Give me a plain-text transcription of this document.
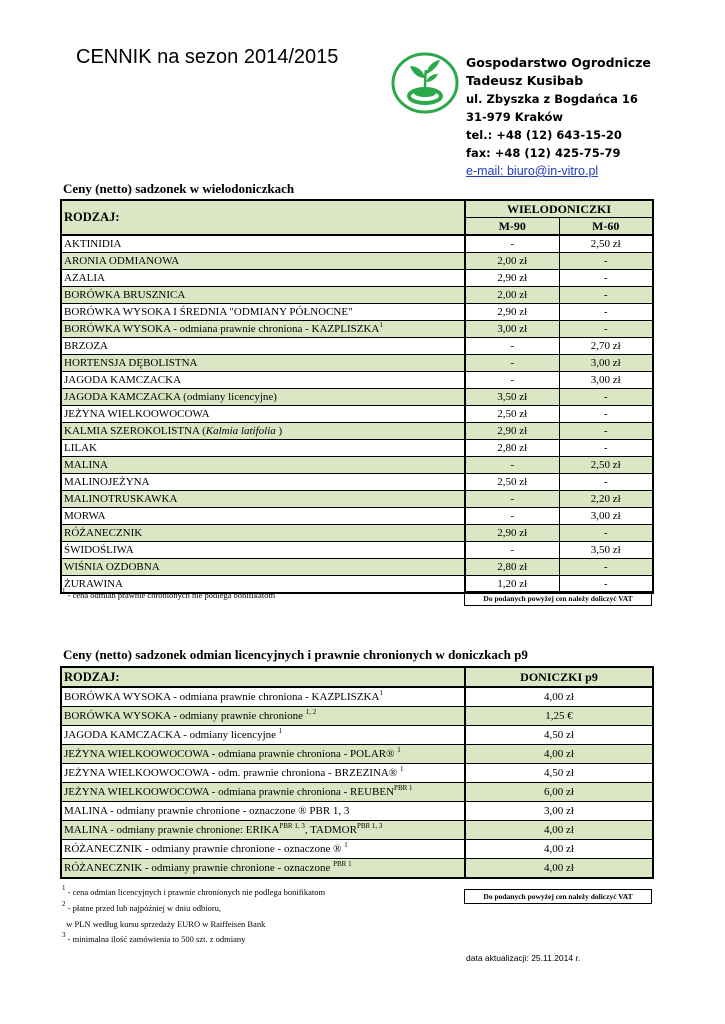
CENNIK na sezon 2014/2015	Gospodarstwo Ogrodnicze
Tadeusz Kusibab
ul. Zbyszka z Bogdańca 16
31-979 Kraków
tel.: +48 (12) 643-15-20
fax: +48 (12) 425-75-79
e-mail: biuro@in-vitro.pl
Ceny (netto) sadzonek w wielodoniczkach
RODZAJ:	WIELODONICZKI	
	M-90	M-60
AKTINIDIA	-	2,50 zł
ARONIA ODMIANOWA	2,00 zł	-
AZALIA	2,90 zł	-
BORÓWKA BRUSZNICA	2,00 zł	-
BORÓWKA WYSOKA I ŚREDNIA "ODMIANY PÓŁNOCNE"	2,90 zł	-
BORÓWKA WYSOKA - odmiana prawnie chroniona - KAZPLISZKA$^1$	3,00 zł	-
BRZOZA	-	2,70 zł
HORTENSJA DĘBOLISTNA	-	3,00 zł
JAGODA KAMCZACKA	-	3,00 zł
JAGODA KAMCZACKA (odmiany licencyjne)	3,50 zł	-
JEŻYNA WIELKOOWOCOWA	2,50 zł	-
KALMIA SZEROKOLISTNA (Kalmia latifolia )	2,90 zł	-
LILAK	2,80 zł	-
MALINA	-	2,50 zł
MALINOJEŻYNA	2,50 zł	-
MALINOTRUSKAWKA	-	2,20 zł
MORWA	-	3,00 zł
RÓŻANECZNIK	2,90 zł	-
ŚWIDOŚLIWA	-	3,50 zł
WIŚNIA OZDOBNA	2,80 zł	-
ŻURAWINA	1,20 zł	-
$^1$ - cena odmian prawnie chronionych nie podlega bonifikatom	Do podanych powyżej cen należy doliczyć VAT
Ceny (netto) sadzonek odmian licencyjnych i prawnie chronionych w doniczkach p9
RODZAJ:	DONICZKI p9
BORÓWKA WYSOKA - odmiana prawnie chroniona - KAZPLISZKA$^1$	4,00 zł
BORÓWKA WYSOKA - odmiany prawnie chronione $^{1, 2}$	1,25 €
JAGODA KAMCZACKA - odmiany licencyjne $^1$	4,50 zł
JEŻYNA WIELKOOWOCOWA - odmiana prawnie chroniona - POLAR® $^1$	4,00 zł
JEŻYNA WIELKOOWOCOWA - odm. prawnie chroniona - BRZEZINA® $^1$	4,50 zł
JEŻYNA WIELKOOWOCOWA - odmiana prawnie chroniona - $REUBEN^{PBR 1}$	6,00 zł
MALINA - odmiany prawnie chronione - oznaczone ® PBR 1, 3	3,00 zł
MALINA - odmiany prawnie chronione: $ERIKA^{PBR 1, 3}$, $TADMOR^{PBR 1, 3}$	4,00 zł
RÓŻANECZNIK - odmiany prawnie chronione - oznaczone ® $^1$	4,00 zł
RÓŻANECZNIK - odmiany prawnie chronione - oznaczone $^{PBR 1}$	4,00 zł
$^1$ - cena odmian licencyjnych i prawnie chronionych nie podlega bonifikatom
$^2$ - płatne przed lub najpóźniej w dniu odbioru,
w PLN według kursu sprzedaży EURO w Raiffeisen Bank
$^3$ - minimalna ilość zamówienia to 500 szt. z odmiany
Do podanych powyżej cen należy doliczyć VAT
data aktualizacji: 25.11.2014 r.
